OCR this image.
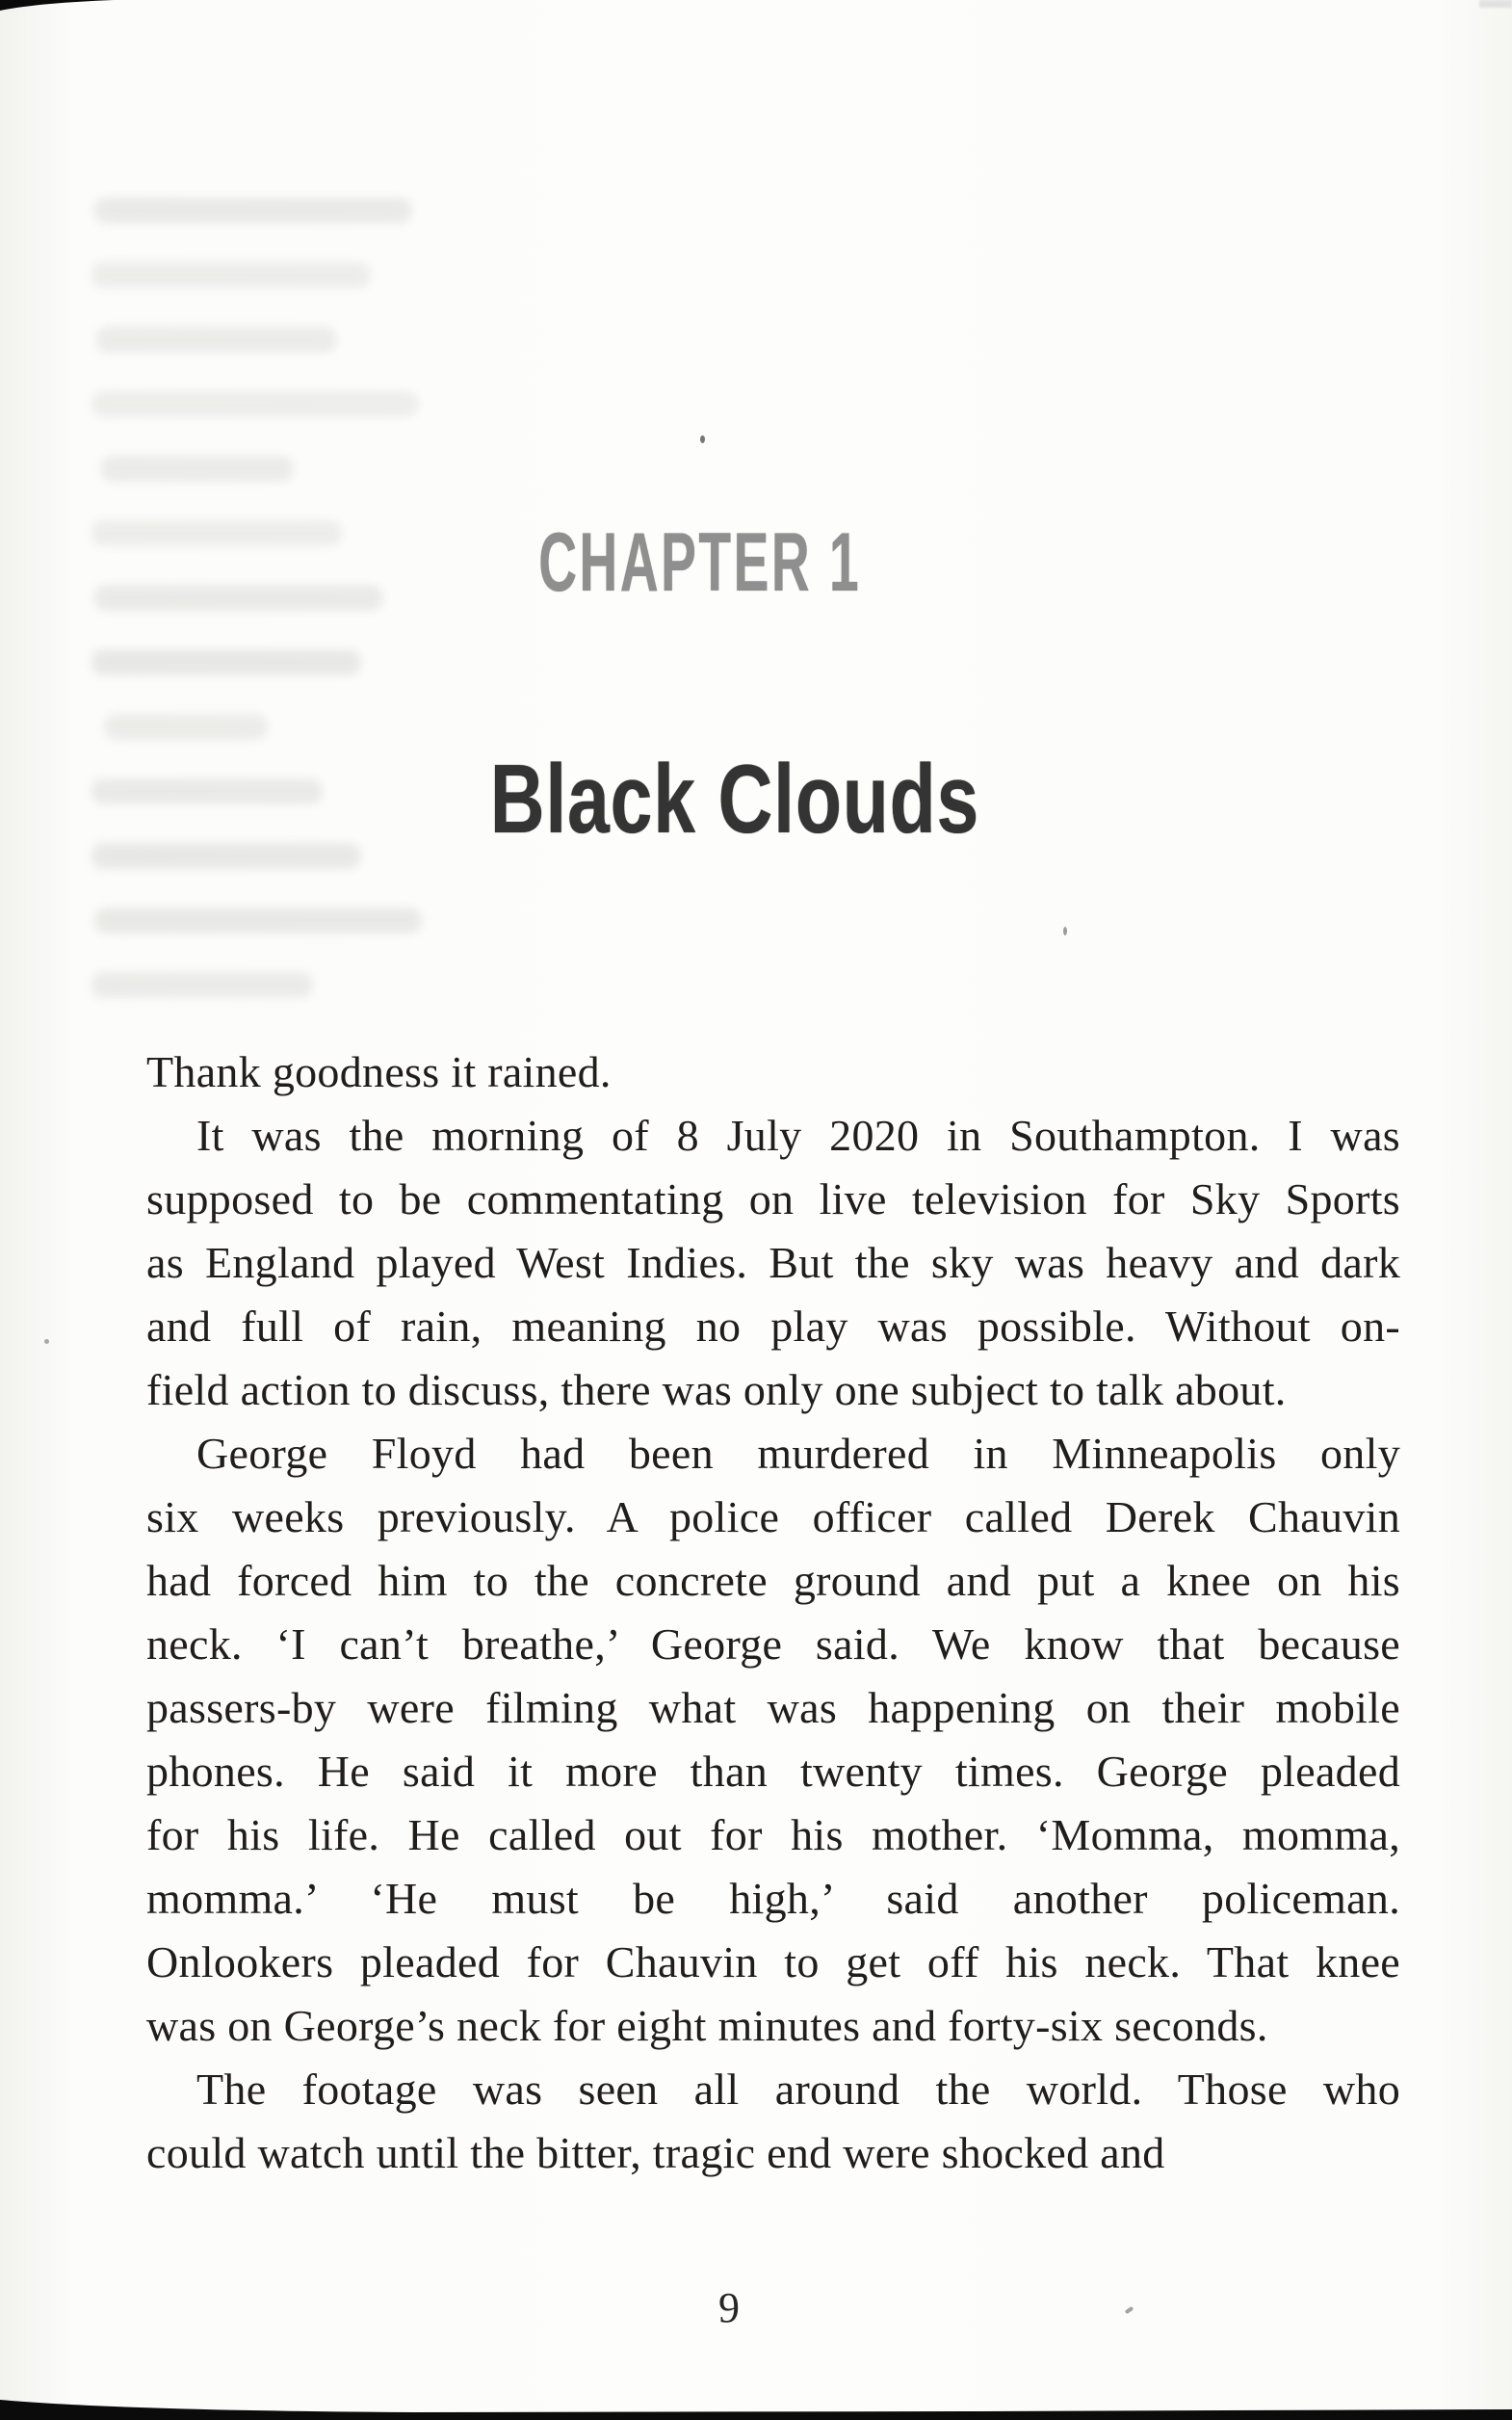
CHAPTER 1
Black Clouds
Thank goodness it rained.
It was the morning of 8 July 2020 in Southampton. I was
supposed to be commentating on live television for Sky Sports
as England played West Indies. But the sky was heavy and dark
and full of rain, meaning no play was possible. Without on-
field action to discuss, there was only one subject to talk about.
George Floyd had been murdered in Minneapolis only
six weeks previously. A police officer called Derek Chauvin
had forced him to the concrete ground and put a knee on his
neck. ‘I can’t breathe,’ George said. We know that because
passers-by were filming what was happening on their mobile
phones. He said it more than twenty times. George pleaded
for his life. He called out for his mother. ‘Momma, momma,
momma.’ ‘He must be high,’ said another policeman.
Onlookers pleaded for Chauvin to get off his neck. That knee
was on George’s neck for eight minutes and forty-six seconds.
The footage was seen all around the world. Those who
could watch until the bitter, tragic end were shocked and
9
